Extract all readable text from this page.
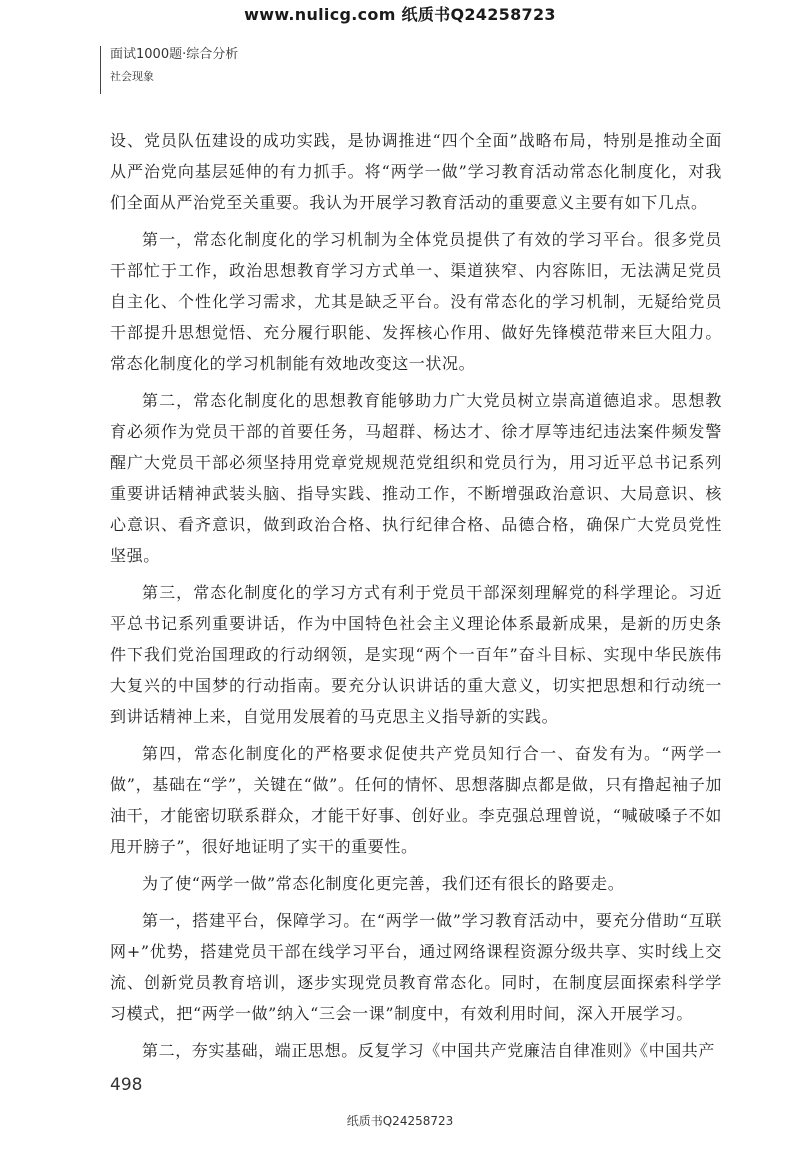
www.nulicg.com 纸质书Q24258723
面试1000题·综合分析
社会现象

设、党员队伍建设的成功实践，是协调推进“四个全面”战略布局，特别是推动全面从严治党向基层延伸的有力抓手。将“两学一做”学习教育活动常态化制度化，对我们全面从严治党至关重要。我认为开展学习教育活动的重要意义主要有如下几点。

第一，常态化制度化的学习机制为全体党员提供了有效的学习平台。很多党员干部忙于工作，政治思想教育学习方式单一、渠道狭窄、内容陈旧，无法满足党员自主化、个性化学习需求，尤其是缺乏平台。没有常态化的学习机制，无疑给党员干部提升思想觉悟、充分履行职能、发挥核心作用、做好先锋模范带来巨大阻力。常态化制度化的学习机制能有效地改变这一状况。

第二，常态化制度化的思想教育能够助力广大党员树立崇高道德追求。思想教育必须作为党员干部的首要任务，马超群、杨达才、徐才厚等违纪违法案件频发警醒广大党员干部必须坚持用党章党规规范党组织和党员行为，用习近平总书记系列重要讲话精神武装头脑、指导实践、推动工作，不断增强政治意识、大局意识、核心意识、看齐意识，做到政治合格、执行纪律合格、品德合格，确保广大党员党性坚强。

第三，常态化制度化的学习方式有利于党员干部深刻理解党的科学理论。习近平总书记系列重要讲话，作为中国特色社会主义理论体系最新成果，是新的历史条件下我们党治国理政的行动纲领，是实现“两个一百年”奋斗目标、实现中华民族伟大复兴的中国梦的行动指南。要充分认识讲话的重大意义，切实把思想和行动统一到讲话精神上来，自觉用发展着的马克思主义指导新的实践。

第四，常态化制度化的严格要求促使共产党员知行合一、奋发有为。“两学一做”，基础在“学”，关键在“做”。任何的情怀、思想落脚点都是做，只有撸起袖子加油干，才能密切联系群众，才能干好事、创好业。李克强总理曾说，“喊破嗓子不如甩开膀子”，很好地证明了实干的重要性。

为了使“两学一做”常态化制度化更完善，我们还有很长的路要走。

第一，搭建平台，保障学习。在“两学一做”学习教育活动中，要充分借助“互联网+”优势，搭建党员干部在线学习平台，通过网络课程资源分级共享、实时线上交流、创新党员教育培训，逐步实现党员教育常态化。同时，在制度层面探索科学学习模式，把“两学一做”纳入“三会一课”制度中，有效利用时间，深入开展学习。

第二，夯实基础，端正思想。反复学习《中国共产党廉洁自律准则》《中国共产

498
纸质书Q24258723
